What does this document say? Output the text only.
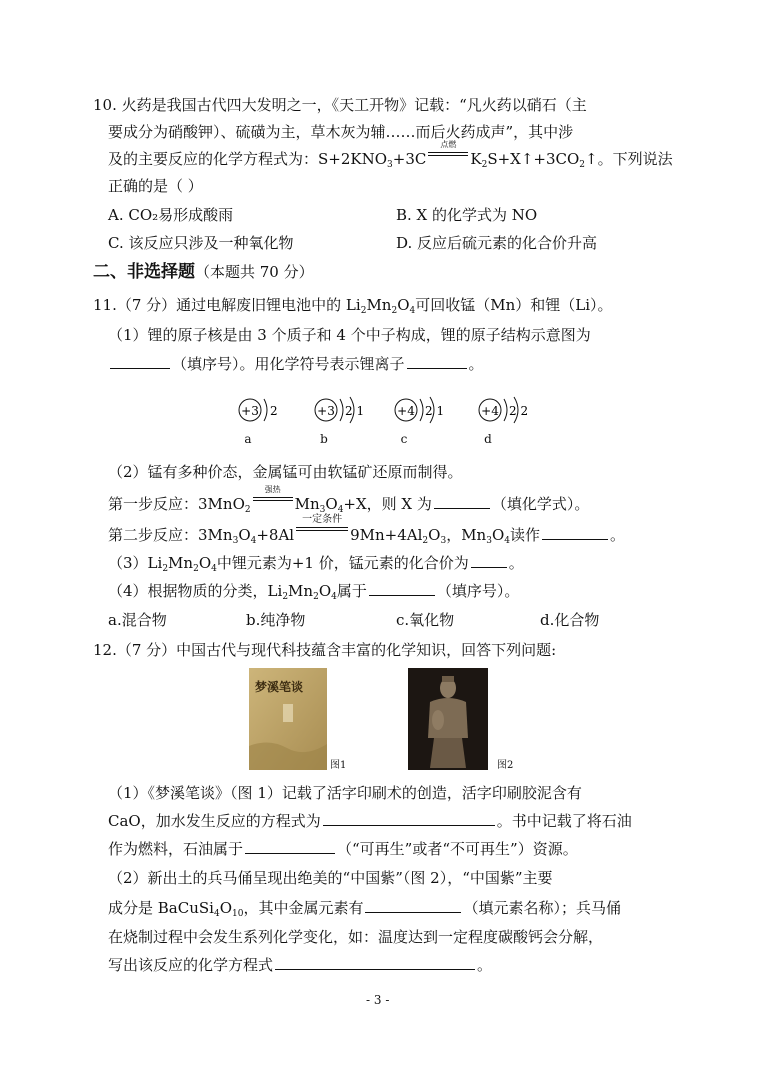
10. 火药是我国古代四大发明之一，《天工开物》记载：“凡火药以硝石（主
要成分为硝酸钾）、硫磺为主，草木灰为辅……而后火药成声”，其中涉
及的主要反应的化学方程式为：$S+2KNO_3+3C$
点燃
$K_2S+X↑+3CO_2↑$。下列说法
正确的是（ ）
A. CO₂易形成酸雨	B. X 的化学式为 NO
C. 该反应只涉及一种氧化物	D. 反应后硫元素的化合价升高
二、非选择题（本题共 70 分）
11.（7 分）通过电解废旧锂电池中的 $Li_2Mn_2O_4$可回收锰（Mn）和锂（Li）。
（1）锂的原子核是由 3 个质子和 4 个中子构成，锂的原子结构示意图为
（填序号）。用化学符号表示锂离子	。
+3 2
a
+3 2 1
b
+4 2 1
c
+4 2 2
d
（2）锰有多种价态，金属锰可由软锰矿还原而制得。
第一步反应：3MnO$_2$
强热
$Mn_3O_4+X$，则 X 为	（填化学式）。
第二步反应：$3Mn_3O_4+8Al$
一定条件
$9Mn+4Al_2O_3$，$Mn_3O_4$读作	。
$(3)Li_2Mn_2O_4$中锂元素为+1 价，锰元素的化合价为	。
（4）根据物质的分类，$Li_2Mn_2O_4$属于	（填序号）。
a.混合物	b.纯净物	c.氧化物	d.化合物
12.（7 分）中国古代与现代科技蕴含丰富的化学知识，回答下列问题:
梦溪笔谈
图1	图2
（1）《梦溪笔谈》（图 1）记载了活字印刷术的创造，活字印刷胶泥含有
CaO，加水发生反应的方程式为	。书中记载了将石油
作为燃料，石油属于	（“可再生”或者“不可再生”）资源。
（2）新出土的兵马俑呈现出绝美的“中国紫”（图 2），“中国紫”主要
成分是 $BaCuSi_4O_{10}$，其中金属元素有	（填元素名称）；兵马俑
在烧制过程中会发生系列化学变化，如：温度达到一定程度碳酸钙会分解，
写出该反应的化学方程式	。
- 3 -
